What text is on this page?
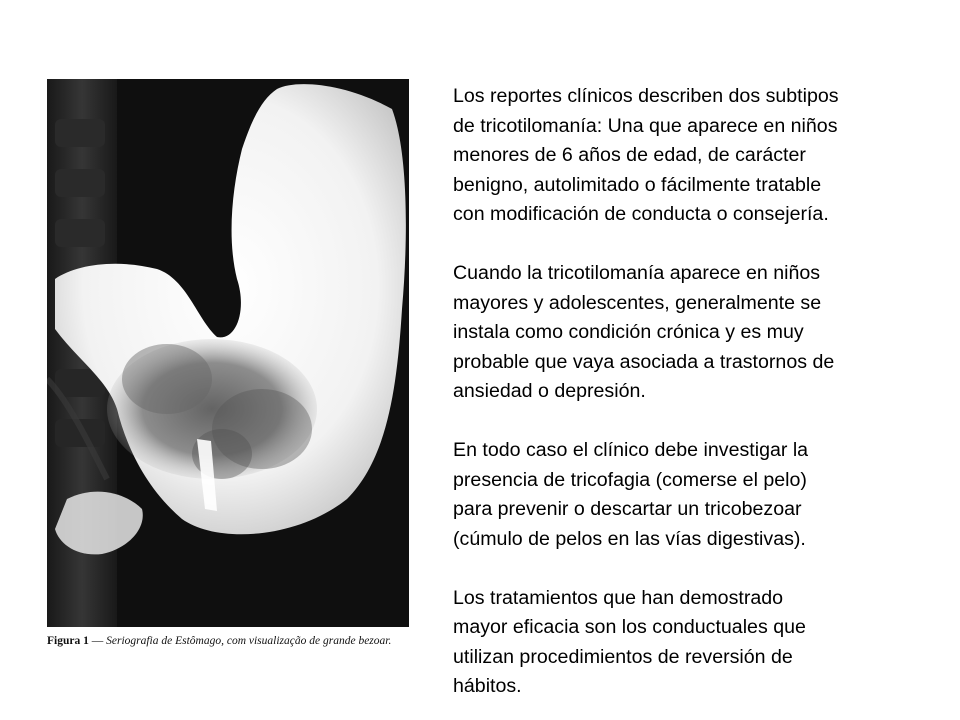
Figura 1 — Seriografia de Estômago, com visualização de grande bezoar.

Los reportes clínicos describen dos subtipos
de tricotilomanía: Una que aparece en niños
menores de 6 años de edad, de carácter
benigno, autolimitado o fácilmente tratable
con modificación de conducta o consejería.

Cuando la tricotilomanía aparece en niños
mayores y adolescentes, generalmente se
instala como condición crónica y es muy
probable que vaya asociada a trastornos de
ansiedad o depresión.

En todo caso el clínico debe investigar la
presencia de tricofagia (comerse el pelo)
para prevenir o descartar un tricobezoar
(cúmulo de pelos en las vías digestivas).

Los tratamientos que han demostrado
mayor eficacia son los conductuales que
utilizan procedimientos de reversión de
hábitos.
